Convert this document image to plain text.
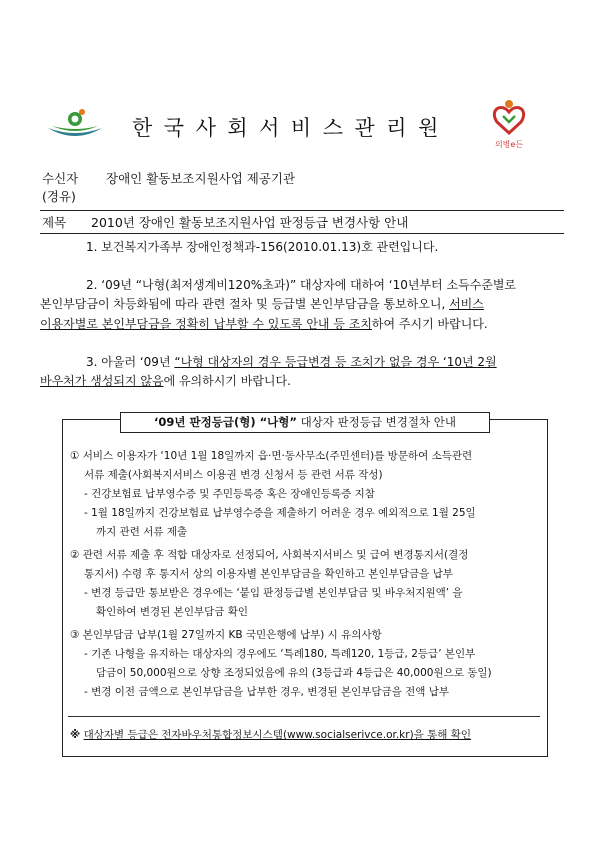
한국사회서비스관리원
의병e든
수신자 장애인 활동보조지원사업 제공기관
(경유)
제목 2010년 장애인 활동보조지원사업 판정등급 변경사항 안내
1. 보건복지가족부 장애인정책과-156(2010.01.13)호 관련입니다.
2. ‘09년 “나형(최저생계비120%초과)” 대상자에 대하여 ‘10년부터 소득수준별로
본인부담금이 차등화됨에 따라 관련 절차 및 등급별 본인부담금을 통보하오니, 서비스
이용자별로 본인부담금을 정확히 납부할 수 있도록 안내 등 조치하여 주시기 바랍니다.
3. 아울러 ‘09년 “나형 대상자의 경우 등급변경 등 조치가 없을 경우 ‘10년 2월
바우처가 생성되지 않음에 유의하시기 바랍니다.
‘09년 판정등급(형) “나형” 대상자 판정등급 변경절차 안내
① 서비스 이용자가 ‘10년 1월 18일까지 읍·면·동사무소(주민센터)를 방문하여 소득관련
서류 제출(사회복지서비스 이용권 변경 신청서 등 관련 서류 작성)
- 건강보험료 납부영수증 및 주민등록증 혹은 장애인등록증 지참
- 1월 18일까지 건강보험료 납부영수증을 제출하기 어려운 경우 예외적으로 1월 25일
까지 관련 서류 제출
② 관련 서류 제출 후 적합 대상자로 선정되어, 사회복지서비스 및 급여 변경통지서(결정
통지서) 수령 후 통지서 상의 이용자별 본인부담금을 확인하고 본인부담금을 납부
- 변경 등급만 통보받은 경우에는 ‘붙임 판정등급별 본인부담금 및 바우처지원액’ 을
확인하여 변경된 본인부담금 확인
③ 본인부담금 납부(1월 27일까지 KB 국민은행에 납부) 시 유의사항
- 기존 나형을 유지하는 대상자의 경우에도 ‘특례180, 특례120, 1등급, 2등급’ 본인부
담금이 50,000원으로 상향 조정되었음에 유의 (3등급과 4등급은 40,000원으로 동일)
- 변경 이전 금액으로 본인부담금을 납부한 경우, 변경된 본인부담금을 전액 납부
※ 대상자별 등급은 전자바우처통합정보시스템(www.socialserivce.or.kr)을 통해 확인
